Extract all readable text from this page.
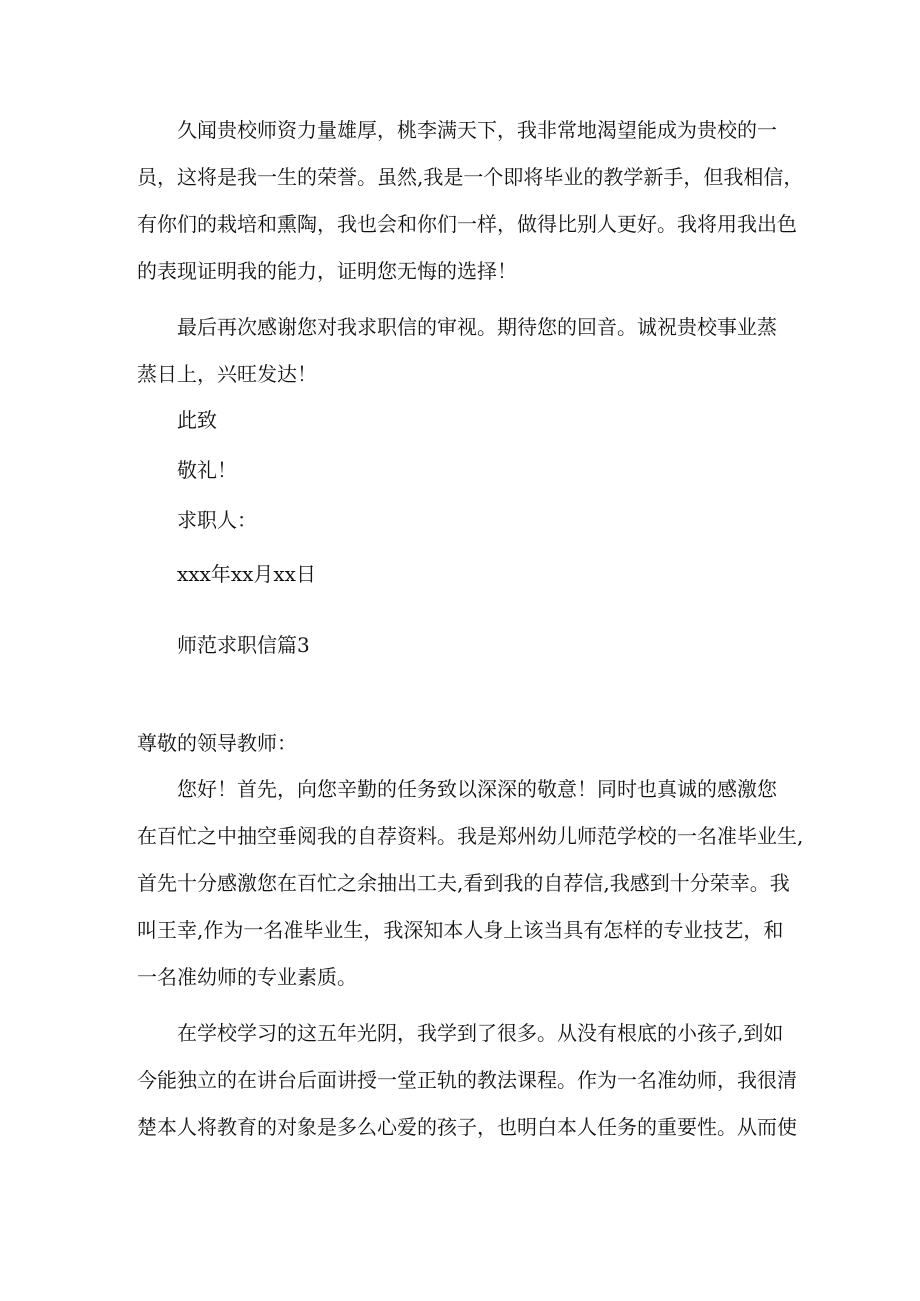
久闻贵校师资力量雄厚，桃李满天下，我非常地渴望能成为贵校的一
员，这将是我一生的荣誉。虽然,我是一个即将毕业的教学新手，但我相信，
有你们的栽培和熏陶，我也会和你们一样，做得比别人更好。我将用我出色
的表现证明我的能力，证明您无悔的选择！
最后再次感谢您对我求职信的审视。期待您的回音。诚祝贵校事业蒸
蒸日上，兴旺发达！
此致
敬礼！
求职人：
xxx年xx月xx日
师范求职信篇3
尊敬的领导教师：
您好！首先，向您辛勤的任务致以深深的敬意！同时也真诚的感激您
在百忙之中抽空垂阅我的自荐资料。我是郑州幼儿师范学校的一名准毕业生,
首先十分感激您在百忙之余抽出工夫,看到我的自荐信,我感到十分荣幸。我
叫王幸,作为一名准毕业生，我深知本人身上该当具有怎样的专业技艺，和
一名准幼师的专业素质。
在学校学习的这五年光阴，我学到了很多。从没有根底的小孩子,到如
今能独立的在讲台后面讲授一堂正轨的教法课程。作为一名准幼师，我很清
楚本人将教育的对象是多么心爱的孩子，也明白本人任务的重要性。从而使
